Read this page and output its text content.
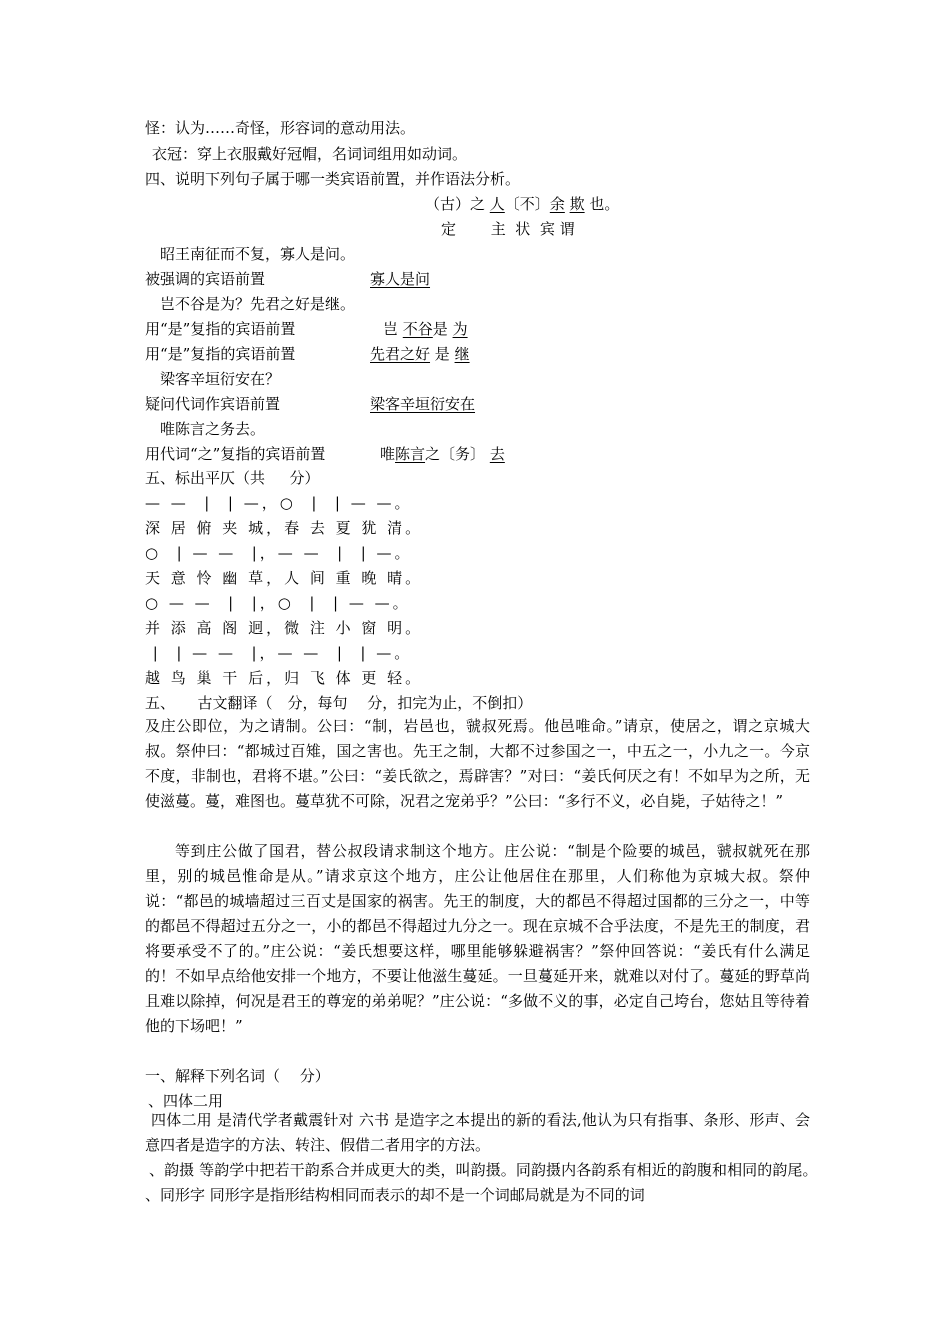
怪：认为……奇怪，形容词的意动用法。
衣冠：穿上衣服戴好冠帽，名词词组用如动词。
四、说明下列句子属于哪一类宾语前置，并作语法分析。
（古）之 人〔不〕余 欺 也。
定　　 主  状  宾 谓
昭王南征而不复，寡人是问。
被强调的宾语前置	寡人是问
岂不谷是为？先君之好是继。
用“是”复指的宾语前置	岂 不谷是 为
用“是”复指的宾语前置	先君之好 是 继
梁客辛垣衍安在？
疑问代词作宾语前置	梁客辛垣衍安在
唯陈言之务去。
用代词“之”复指的宾语前置	唯陈言之〔务〕 去
五、标出平仄（共　  分）
— —  |  | —，○  |  | — —。
深 居 俯 夹 城，春 去 夏 犹 清。
○  | — —  |，— —  |  | —。
天 意 怜 幽 草，人 间 重 晚 晴。
○ — —  |  |，○  |  | — —。
并 添 高 阁 迥，微 注 小 窗 明。
|  | — —  |，— —  |  | —。
越 鸟 巢 干 后，归 飞 体 更 轻。
五、　　古文翻译（　分，每句　 分，扣完为止，不倒扣）
及庄公即位，为之请制。公曰：“制，岩邑也，虢叔死焉。他邑唯命。”请京，使居之，谓之京城大叔。祭仲曰：“都城过百雉，国之害也。先王之制，大都不过参国之一，中五之一，小九之一。今京不度，非制也，君将不堪。”公曰：“姜氏欲之，焉辟害？”对曰：“姜氏何厌之有！不如早为之所，无使滋蔓。蔓，难图也。蔓草犹不可除，况君之宠弟乎？”公曰：“多行不义，必自毙，子姑待之！”
等到庄公做了国君，替公叔段请求制这个地方。庄公说：“制是个险要的城邑，虢叔就死在那里，别的城邑惟命是从。”请求京这个地方，庄公让他居住在那里，人们称他为京城大叔。祭仲说：“都邑的城墙超过三百丈是国家的祸害。先王的制度，大的都邑不得超过国都的三分之一，中等的都邑不得超过五分之一，小的都邑不得超过九分之一。现在京城不合乎法度，不是先王的制度，君将要承受不了的。”庄公说：“姜氏想要这样，哪里能够躲避祸害？”祭仲回答说：“姜氏有什么满足的！不如早点给他安排一个地方，不要让他滋生蔓延。一旦蔓延开来，就难以对付了。蔓延的野草尚且难以除掉，何况是君王的尊宠的弟弟呢？”庄公说：“多做不义的事，必定自己垮台，您姑且等待着他的下场吧！”
一、解释下列名词（　 分）
、四体二用
四体二用 是清代学者戴震针对 六书 是造字之本提出的新的看法,他认为只有指事、条形、形声、会意四者是造字的方法、转注、假借二者用字的方法。
、韵摄 等韵学中把若干韵系合并成更大的类，叫韵摄。同韵摄内各韵系有相近的韵腹和相同的韵尾。　 、同形字 同形字是指形结构相同而表示的却不是一个词邮局就是为不同的词
